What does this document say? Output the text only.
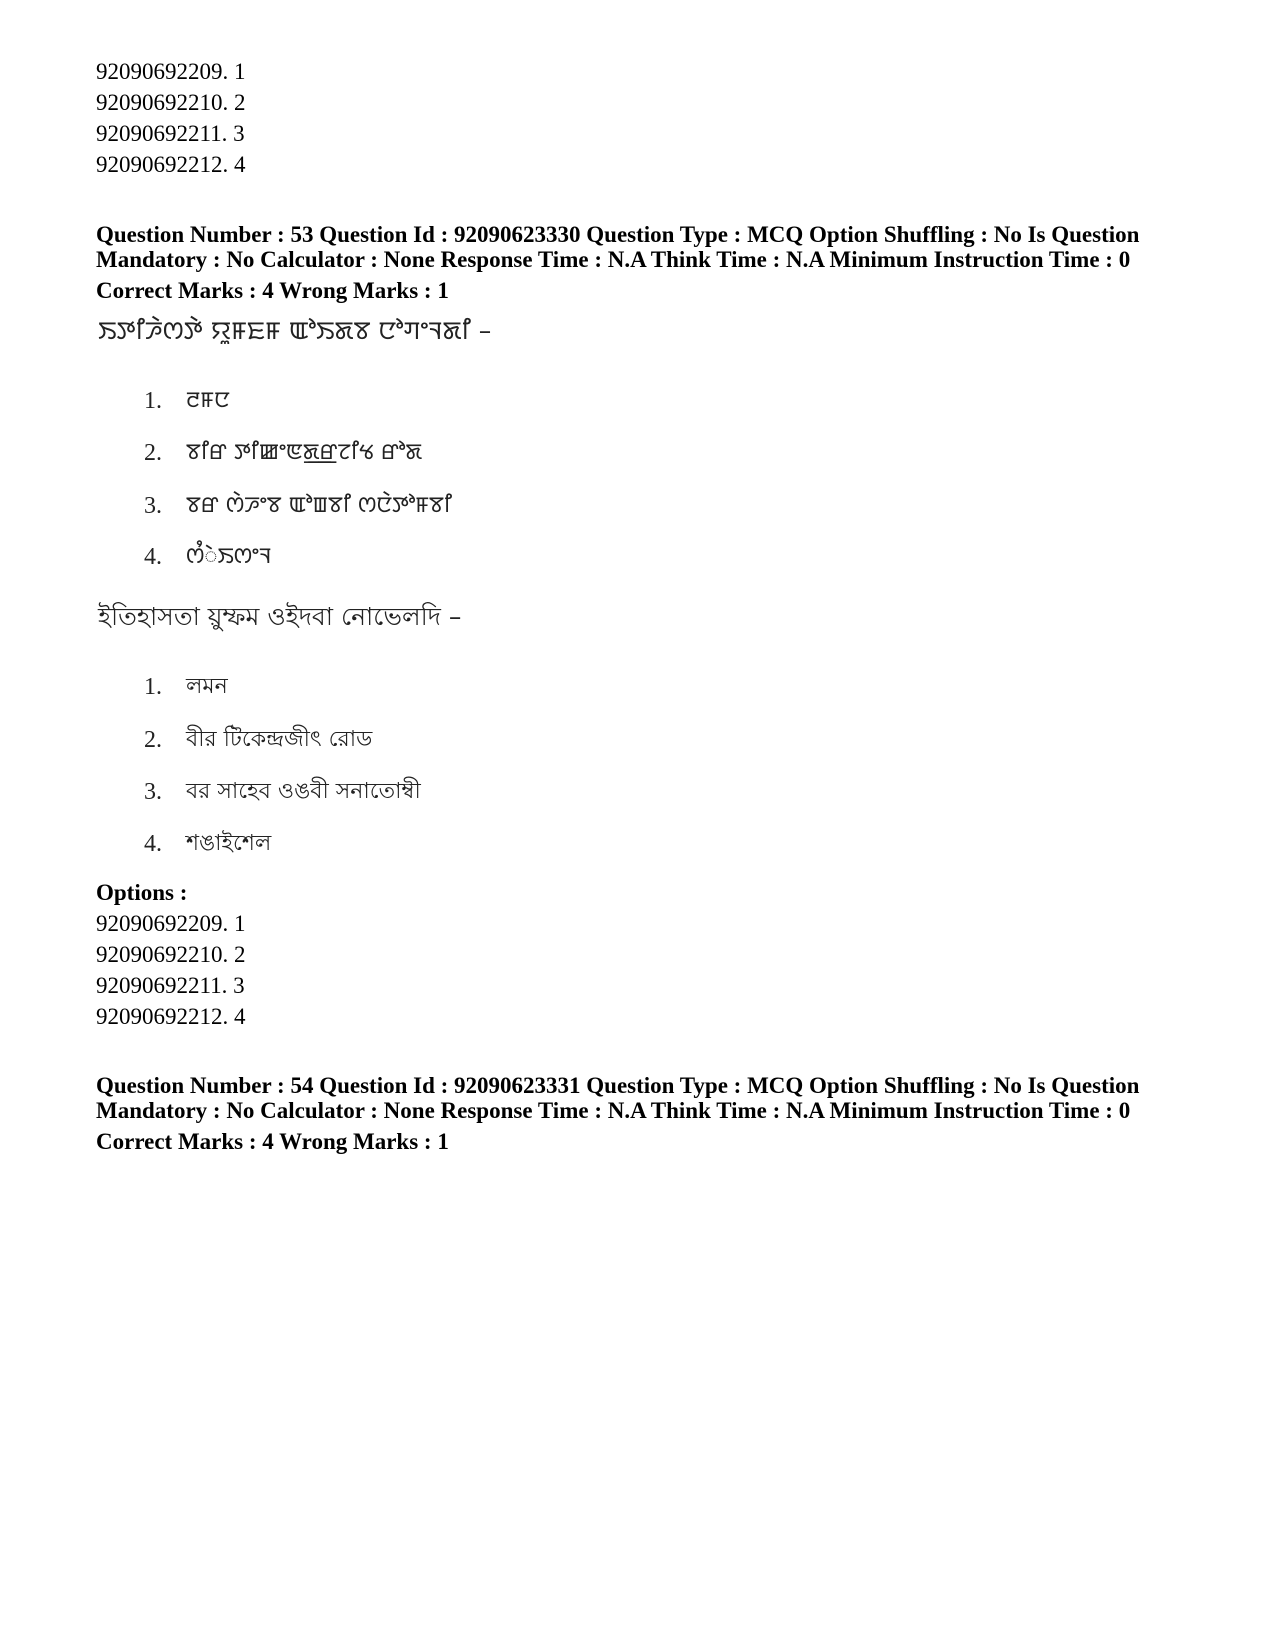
92090692209. 1
92090692210. 2
92090692211. 3
92090692212. 4
Question Number : 53 Question Id : 92090623330 Question Type : MCQ Option Shuffling : No Is Question
Mandatory : No Calculator : None Response Time : N.A Think Time : N.A Minimum Instruction Time : 0
Correct Marks : 4 Wrong Marks : 1
ꯏꯇꯤꯍꯥꯁꯇꯥ ꯌꯨꯝꯐꯝ ꯑꯣꯏꯗꯕ ꯅꯣꯚꯦꯜꯗꯤ –
1. ꯂꯝꯅ
2. ꯕꯤꯔ ꯇꯤꯀꯦꯟꯗ꯭ꯔꯖꯤꯠ ꯔꯣꯗ
3. ꯕꯔ ꯁꯥꯍꯦꯕ ꯑꯣꯡꯕꯤ ꯁꯅꯥꯇꯣꯝꯕꯤ
4. ꯁꯪꯥꯏꯁꯦꯜ
ইতিহাসতা য়ুম্ফম ওইদবা নোভেলদি –
1. লমন
2. বীর টিকেন্দ্রজীৎ রোড
3. বর সাহেব ওঙবী সনাতোম্বী
4. শঙাইশেল
Options :
92090692209. 1
92090692210. 2
92090692211. 3
92090692212. 4
Question Number : 54 Question Id : 92090623331 Question Type : MCQ Option Shuffling : No Is Question
Mandatory : No Calculator : None Response Time : N.A Think Time : N.A Minimum Instruction Time : 0
Correct Marks : 4 Wrong Marks : 1
